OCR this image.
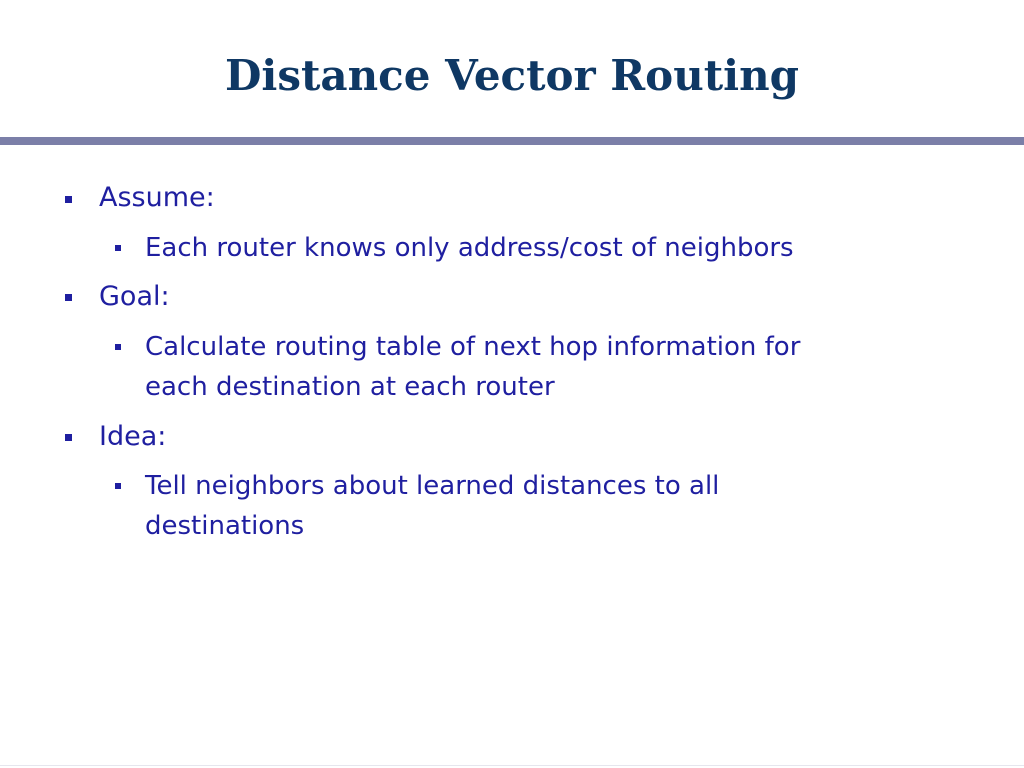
Distance Vector Routing

Assume:

Each router knows only address/cost of neighbors

Goal:

Calculate routing table of next hop information for

each destination at each router

Idea:

Tell neighbors about learned distances to all

destinations
